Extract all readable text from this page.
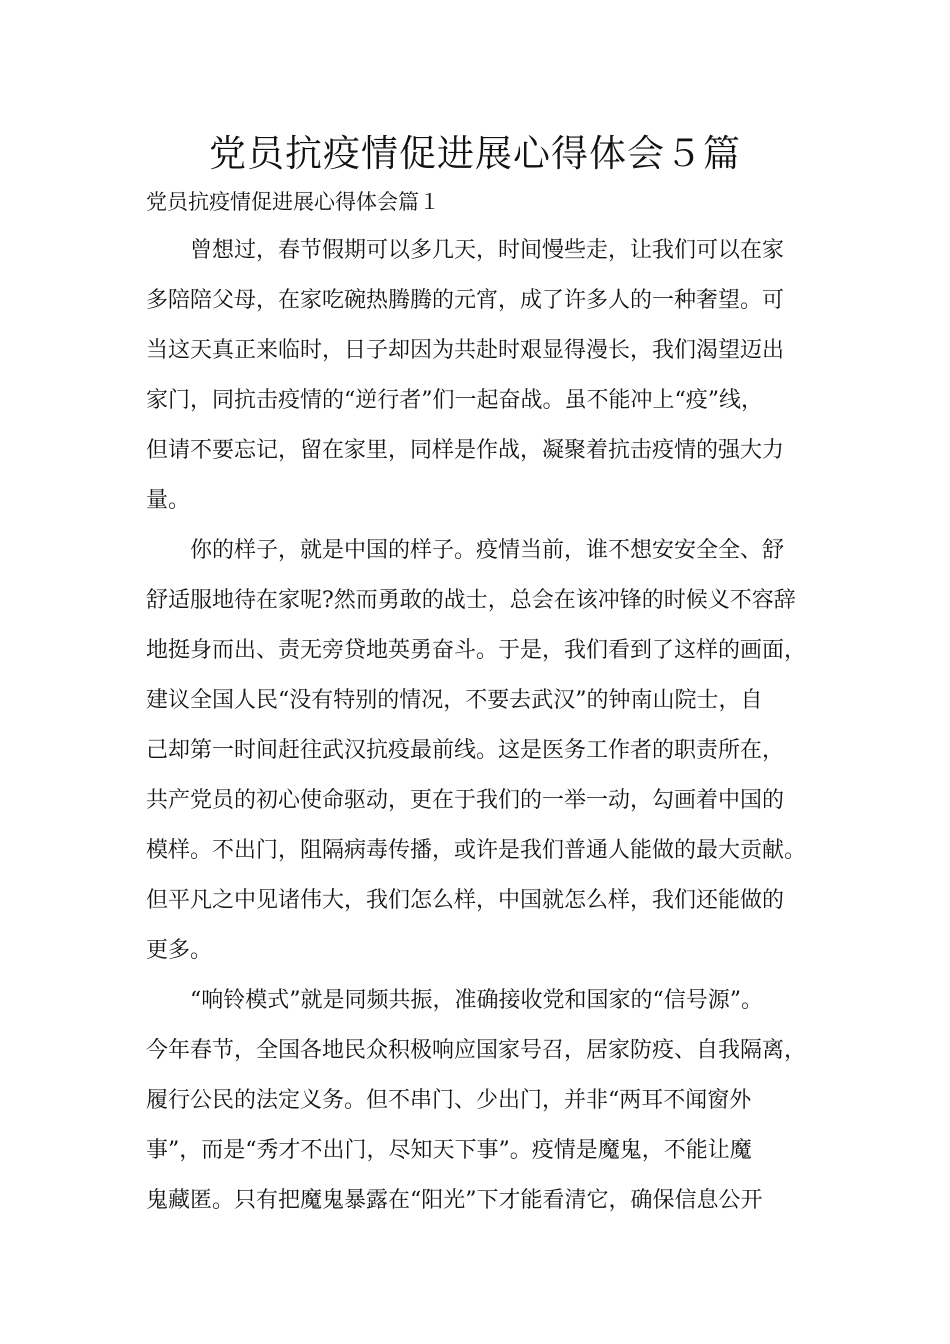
党员抗疫情促进展心得体会５篇

党员抗疫情促进展心得体会篇１

曾想过，春节假期可以多几天，时间慢些走，让我们可以在家

多陪陪父母，在家吃碗热腾腾的元宵，成了许多人的一种奢望。可

当这天真正来临时，日子却因为共赴时艰显得漫长，我们渴望迈出

家门，同抗击疫情的“逆行者”们一起奋战。虽不能冲上“疫”线，

但请不要忘记，留在家里，同样是作战，凝聚着抗击疫情的强大力

量。

你的样子，就是中国的样子。疫情当前，谁不想安安全全、舒

舒适服地待在家呢?然而勇敢的战士，总会在该冲锋的时候义不容辞

地挺身而出、责无旁贷地英勇奋斗。于是，我们看到了这样的画面，

建议全国人民“没有特别的情况，不要去武汉”的钟南山院士，自

己却第一时间赶往武汉抗疫最前线。这是医务工作者的职责所在，

共产党员的初心使命驱动，更在于我们的一举一动，勾画着中国的

模样。不出门，阻隔病毒传播，或许是我们普通人能做的最大贡献。

但平凡之中见诸伟大，我们怎么样，中国就怎么样，我们还能做的

更多。

“响铃模式”就是同频共振，准确接收党和国家的“信号源”。

今年春节，全国各地民众积极响应国家号召，居家防疫、自我隔离，

履行公民的法定义务。但不串门、少出门，并非“两耳不闻窗外

事”，而是“秀才不出门，尽知天下事”。疫情是魔鬼，不能让魔

鬼藏匿。只有把魔鬼暴露在“阳光”下才能看清它，确保信息公开
